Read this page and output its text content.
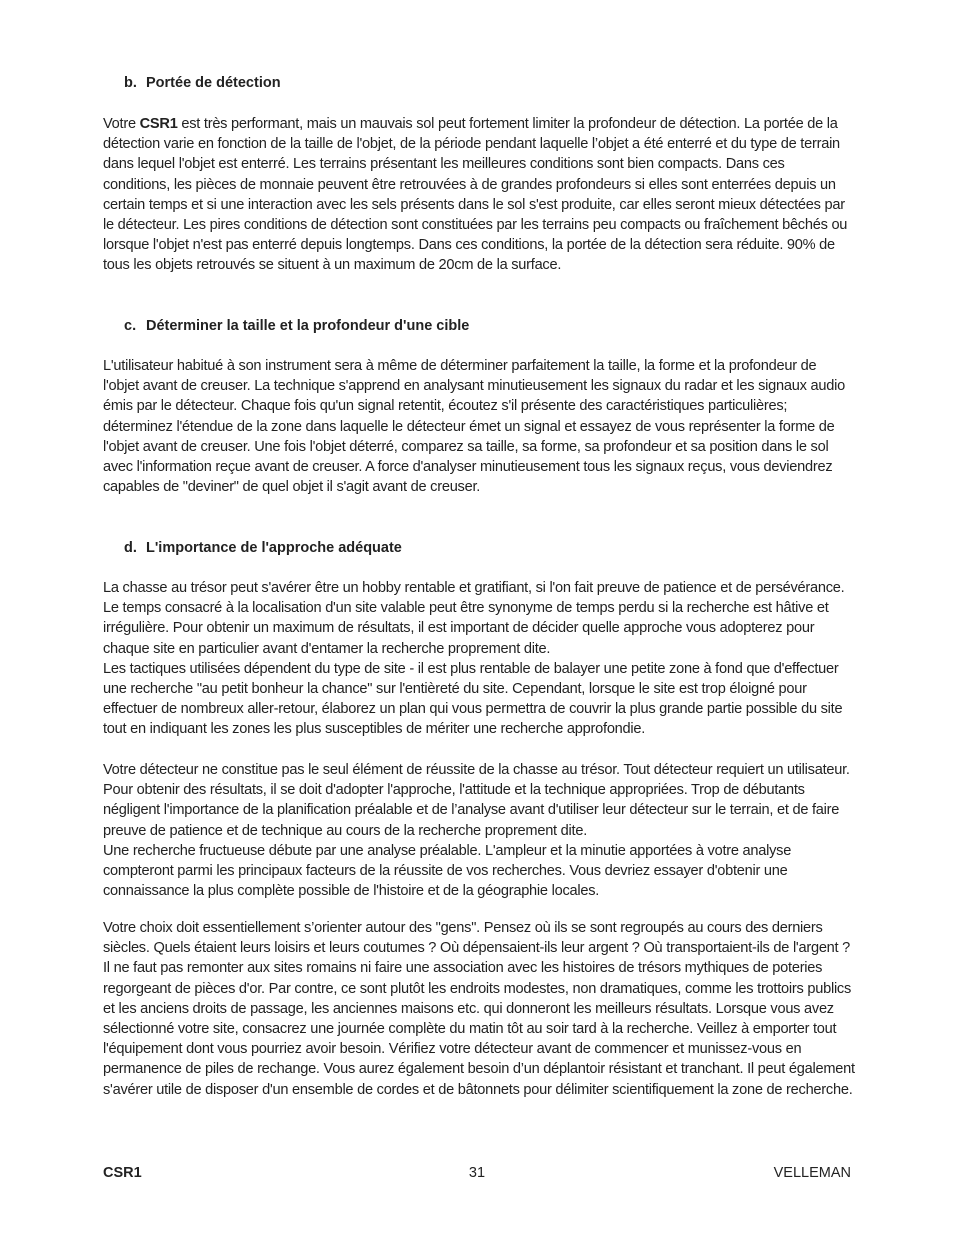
b. Portée de détection

Votre CSR1 est très performant, mais un mauvais sol peut fortement limiter la profondeur de détection. La portée de la détection varie en fonction de la taille de l'objet, de la période pendant laquelle l’objet a été enterré et du type de terrain dans lequel l'objet est enterré. Les terrains présentant les meilleures conditions sont bien compacts. Dans ces conditions, les pièces de monnaie peuvent être retrouvées à de grandes profondeurs si elles sont enterrées depuis un certain temps et si une interaction avec les sels présents dans le sol s'est produite, car elles seront mieux détectées par le détecteur. Les pires conditions de détection sont constituées par les terrains peu compacts ou fraîchement bêchés ou lorsque l'objet n'est pas enterré depuis longtemps. Dans ces conditions, la portée de la détection sera réduite. 90% de tous les objets retrouvés se situent à un maximum de 20cm de la surface.

c. Déterminer la taille et la profondeur d'une cible

L'utilisateur habitué à son instrument sera à même de déterminer parfaitement la taille, la forme et la profondeur de l'objet avant de creuser. La technique s'apprend en analysant minutieusement les signaux du radar et les signaux audio émis par le détecteur. Chaque fois qu'un signal retentit, écoutez s'il présente des caractéristiques particulières; déterminez l'étendue de la zone dans laquelle le détecteur émet un signal et essayez de vous représenter la forme de l'objet avant de creuser. Une fois l'objet déterré, comparez sa taille, sa forme, sa profondeur et sa position dans le sol avec l'information reçue avant de creuser. A force d'analyser minutieusement tous les signaux reçus, vous deviendrez capables de "deviner" de quel objet il s'agit avant de creuser.

d. L'importance de l'approche adéquate

La chasse au trésor peut s'avérer être un hobby rentable et gratifiant, si l'on fait preuve de patience et de persévérance. Le temps consacré à la localisation d'un site valable peut être synonyme de temps perdu si la recherche est hâtive et irrégulière. Pour obtenir un maximum de résultats, il est important de décider quelle approche vous adopterez pour chaque site en particulier avant d'entamer la recherche proprement dite.

Les tactiques utilisées dépendent du type de site - il est plus rentable de balayer une petite zone à fond que d'effectuer une recherche "au petit bonheur la chance" sur l'entièreté du site. Cependant, lorsque le site est trop éloigné pour effectuer de nombreux aller-retour, élaborez un plan qui vous permettra de couvrir la plus grande partie possible du site tout en indiquant les zones les plus susceptibles de mériter une recherche approfondie.

Votre détecteur ne constitue pas le seul élément de réussite de la chasse au trésor. Tout détecteur requiert un utilisateur. Pour obtenir des résultats, il se doit d'adopter l'approche, l'attitude et la technique appropriées. Trop de débutants négligent l'importance de la planification préalable et de l’analyse avant d'utiliser leur détecteur sur le terrain, et de faire preuve de patience et de technique au cours de la recherche proprement dite.

Une recherche fructueuse débute par une analyse préalable. L'ampleur et la minutie apportées à votre analyse compteront parmi les principaux facteurs de la réussite de vos recherches. Vous devriez essayer d'obtenir une connaissance la plus complète possible de l'histoire et de la géographie locales.

Votre choix doit essentiellement s’orienter autour des "gens". Pensez où ils se sont regroupés au cours des derniers siècles. Quels étaient leurs loisirs et leurs coutumes ? Où dépensaient-ils leur argent ? Où transportaient-ils de l'argent ? Il ne faut pas remonter aux sites romains ni faire une association avec les histoires de trésors mythiques de poteries regorgeant de pièces d'or. Par contre, ce sont plutôt les endroits modestes, non dramatiques, comme les trottoirs publics et les anciens droits de passage, les anciennes maisons etc. qui donneront les meilleurs résultats. Lorsque vous avez sélectionné votre site, consacrez une journée complète du matin tôt au soir tard à la recherche. Veillez à emporter tout l'équipement dont vous pourriez avoir besoin. Vérifiez votre détecteur avant de commencer et munissez-vous en permanence de piles de rechange. Vous aurez également besoin d’un déplantoir résistant et tranchant. Il peut également s'avérer utile de disposer d'un ensemble de cordes et de bâtonnets pour délimiter scientifiquement la zone de recherche.

CSR1	31	VELLEMAN
